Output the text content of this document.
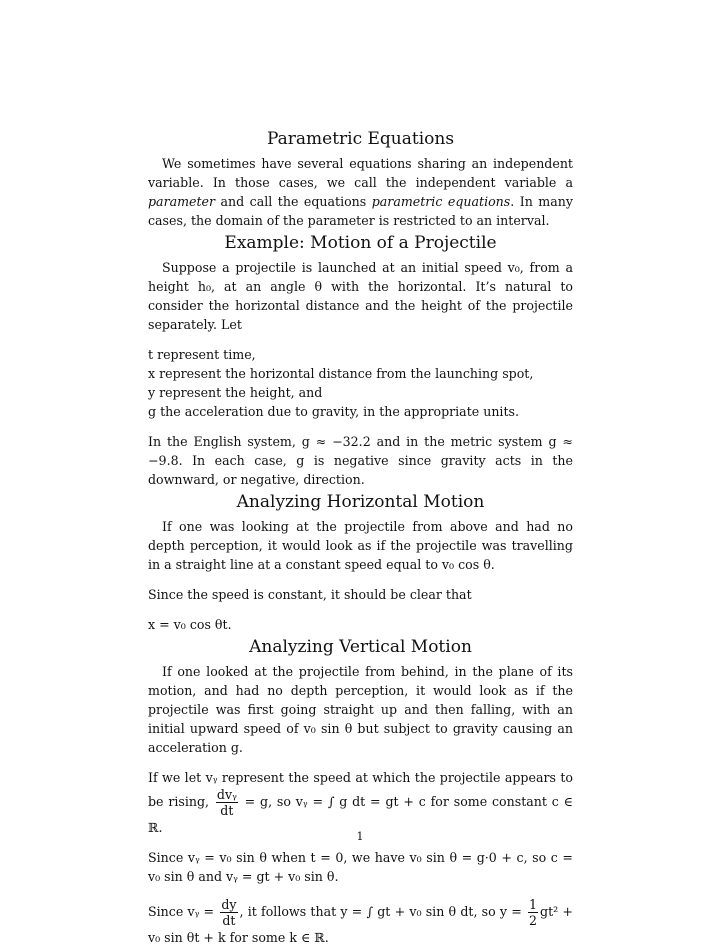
Parametric Equations

We sometimes have several equations sharing an independent variable. In those cases, we call the independent variable a parameter and call the equations parametric equations. In many cases, the domain of the parameter is restricted to an interval.

Example: Motion of a Projectile

Suppose a projectile is launched at an initial speed v₀, from a height h₀, at an angle θ with the horizontal. It’s natural to consider the horizontal distance and the height of the projectile separately. Let

t represent time,
x represent the horizontal distance from the launching spot,
y represent the height, and
g the acceleration due to gravity, in the appropriate units.

In the English system, g ≈ −32.2 and in the metric system g ≈ −9.8. In each case, g is negative since gravity acts in the downward, or negative, direction.

Analyzing Horizontal Motion

If one was looking at the projectile from above and had no depth perception, it would look as if the projectile was travelling in a straight line at a constant speed equal to v₀ cos θ.

Since the speed is constant, it should be clear that

x = v₀ cos θt.

Analyzing Vertical Motion

If one looked at the projectile from behind, in the plane of its motion, and had no depth perception, it would look as if the projectile was first going straight up and then falling, with an initial upward speed of v₀ sin θ but subject to gravity causing an acceleration g.

If we let vᵧ represent the speed at which the projectile appears to be rising, $\frac{\text{dvᵧ}}{dt} = g$, so vᵧ = ∫ g dt = gt + c for some constant c ∈ ℝ.

Since vᵧ = v₀ sin θ when t = 0, we have v₀ sin θ = g·0 + c, so c = v₀ sin θ and vᵧ = gt + v₀ sin θ.

Since vᵧ = $\frac{dy}{dt}$ , it follows that y = ∫ gt + v₀ sin θ dt, so $y = \frac{1}{2} gt^2 + v_0$ sin θt + k for some k ∈ ℝ.

1
